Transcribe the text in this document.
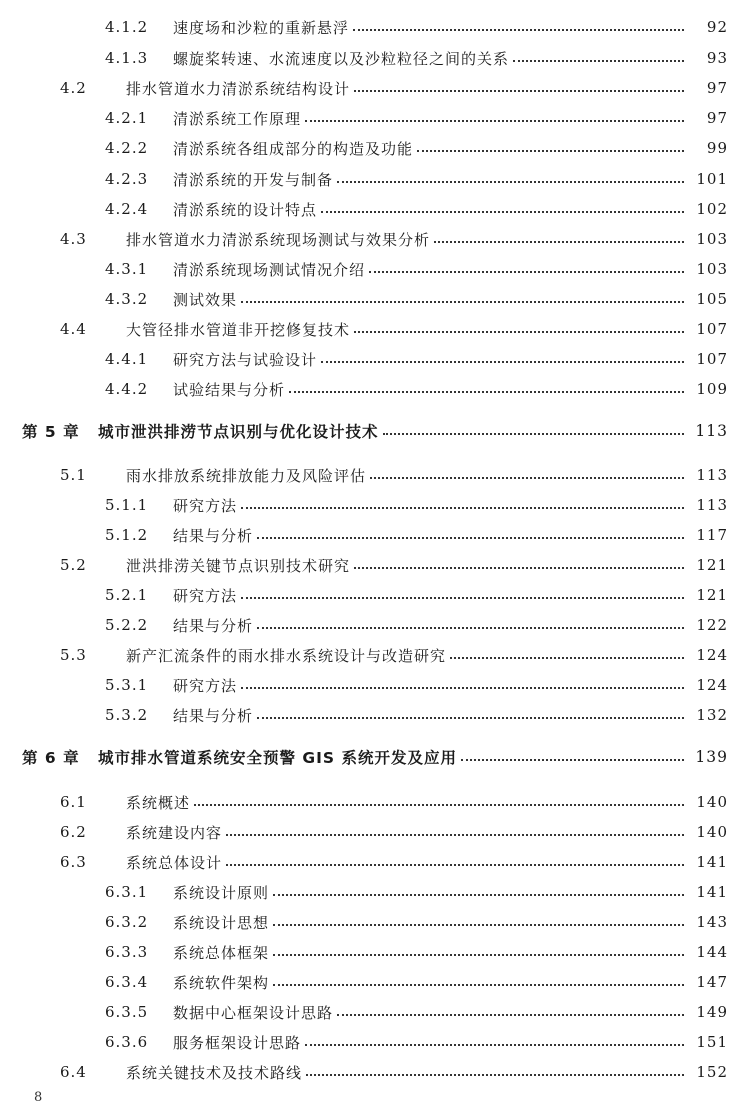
4.1.2	速度场和沙粒的重新悬浮	92
4.1.3	螺旋桨转速、水流速度以及沙粒粒径之间的关系	93
4.2	排水管道水力清淤系统结构设计	97
4.2.1	清淤系统工作原理	97
4.2.2	清淤系统各组成部分的构造及功能	99
4.2.3	清淤系统的开发与制备	101
4.2.4	清淤系统的设计特点	102
4.3	排水管道水力清淤系统现场测试与效果分析	103
4.3.1	清淤系统现场测试情况介绍	103
4.3.2	测试效果	105
4.4	大管径排水管道非开挖修复技术	107
4.4.1	研究方法与试验设计	107
4.4.2	试验结果与分析	109
第 5 章	城市泄洪排涝节点识别与优化设计技术	113
5.1	雨水排放系统排放能力及风险评估	113
5.1.1	研究方法	113
5.1.2	结果与分析	117
5.2	泄洪排涝关键节点识别技术研究	121
5.2.1	研究方法	121
5.2.2	结果与分析	122
5.3	新产汇流条件的雨水排水系统设计与改造研究	124
5.3.1	研究方法	124
5.3.2	结果与分析	132
第 6 章	城市排水管道系统安全预警 GIS 系统开发及应用	139
6.1	系统概述	140
6.2	系统建设内容	140
6.3	系统总体设计	141
6.3.1	系统设计原则	141
6.3.2	系统设计思想	143
6.3.3	系统总体框架	144
6.3.4	系统软件架构	147
6.3.5	数据中心框架设计思路	149
6.3.6	服务框架设计思路	151
6.4	系统关键技术及技术路线	152
8
